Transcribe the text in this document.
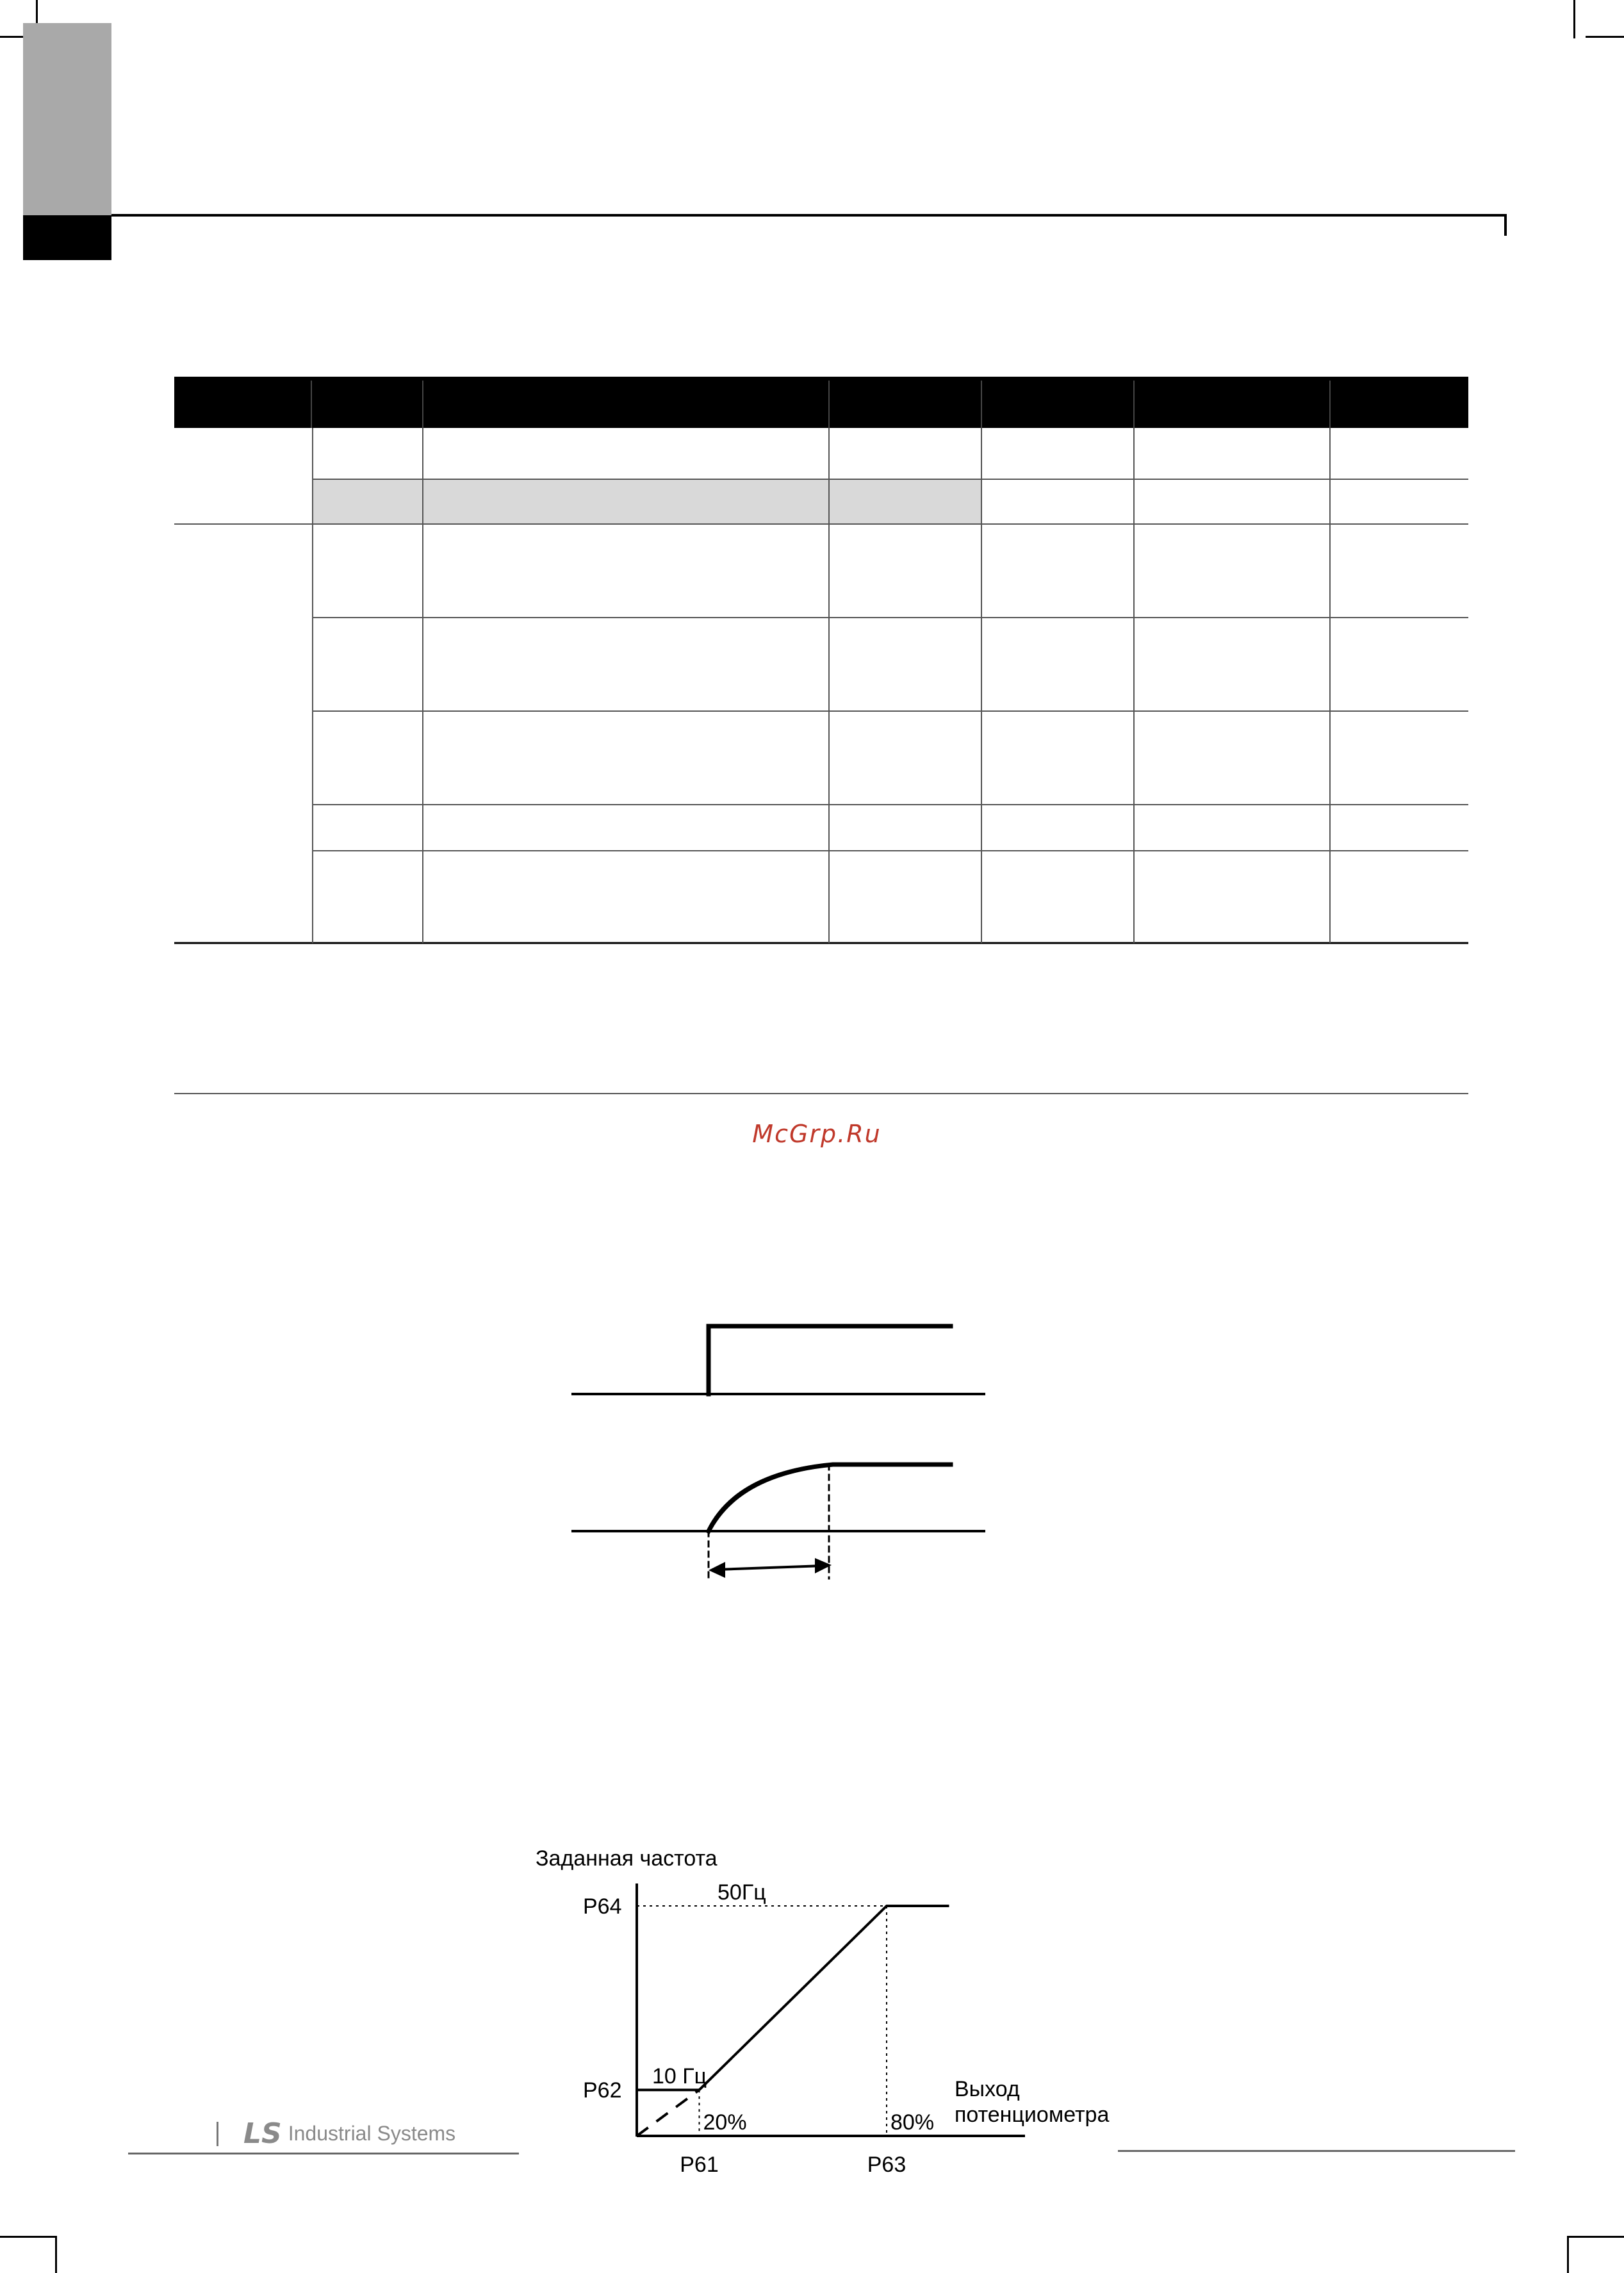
McGrp.Ru
Заданная частота
Выход
потенциометра
P62
10 Гц
P64
50Гц
P61
20%
P63
80%
LS Industrial Systems
